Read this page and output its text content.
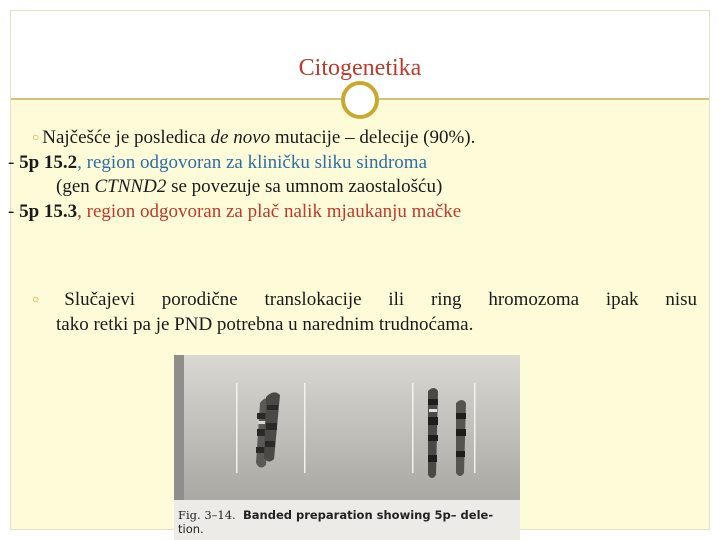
Citogenetika
○ Najčešće je posledica de novo mutacije – delecije (90%).
- 5p 15.2, region odgovoran za kliničku sliku sindroma
(gen CTNND2 se povezuje sa umnom zaostalošću)
- 5p 15.3, region odgovoran za plač nalik mjaukanju mačke
○ Slučajevi porodične translokacije ili ring hromozoma ipak nisu
tako retki pa je PND potrebna u narednim trudnoćama.
Fig. 3–14. Banded preparation showing 5p– dele-
tion.
